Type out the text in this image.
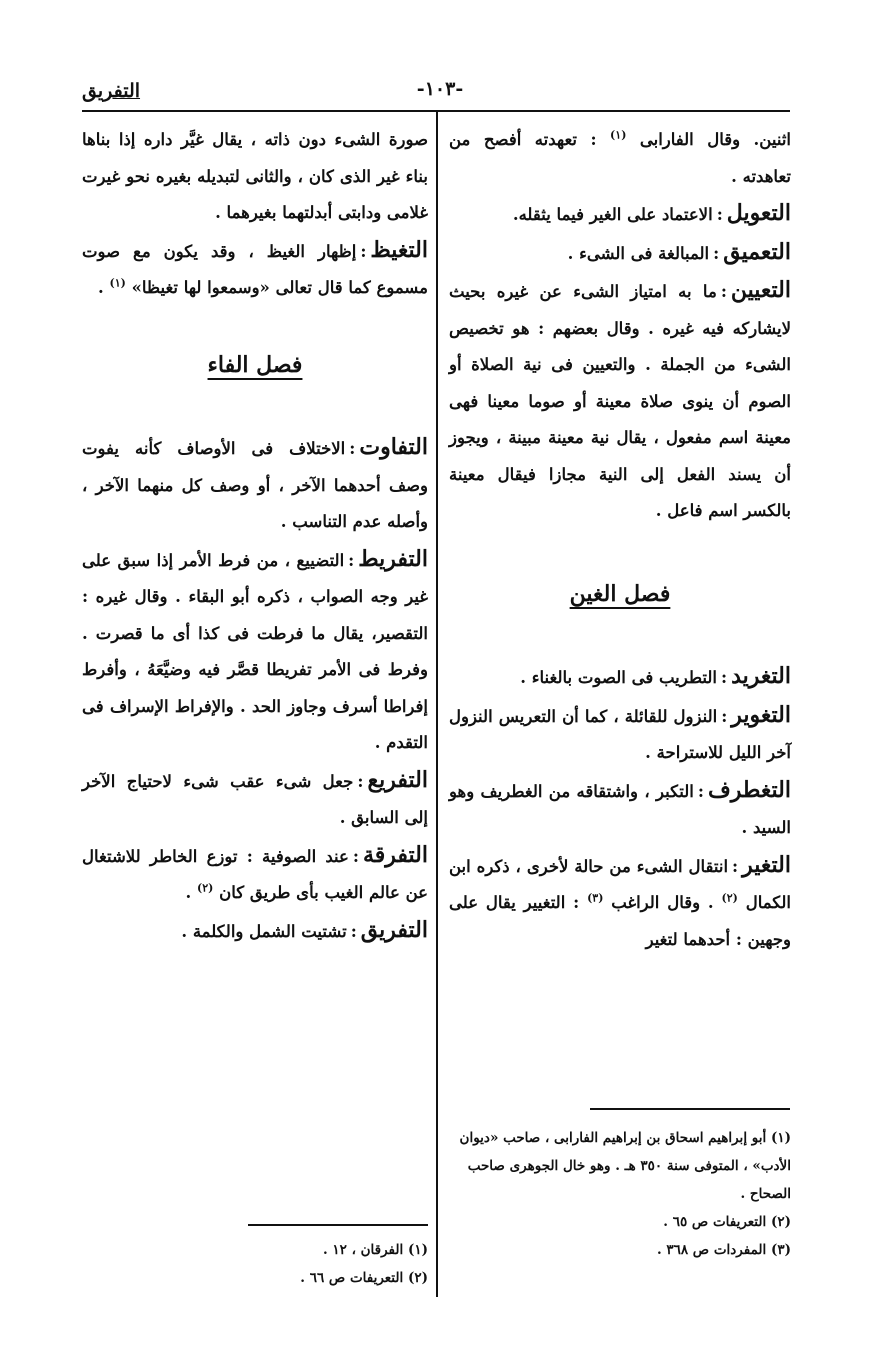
التفريق	-١٠٣-

اثنين. وقال الفارابى $^{(١)}$ : تعهدته أفصح من تعاهدته .

التعويل:الاعتماد على الغير فيما يثقله.

التعميق:المبالغة فى الشىء .

التعيين:ما به امتياز الشىء عن غيره بحيث لايشاركه فيه غيره . وقال بعضهم : هو تخصيص الشىء من الجملة . والتعيين فى نية الصلاة أو الصوم أن ينوى صلاة معينة أو صوما معينا فهى معينة اسم مفعول ، يقال نية معينة مبينة ، ويجوز أن يسند الفعل إلى النية مجازا فيقال معينة بالكسر اسم فاعل .

فصل الغين

التغريد:التطريب فى الصوت بالغناء .

التغوير:النزول للقائلة ، كما أن التعريس النزول آخر الليل للاستراحة .

التغطرف:التكبر ، واشتقاقه من الغطريف وهو السيد .

التغير:انتقال الشىء من حالة لأخرى ، ذكره ابن الكمال $^{(٢)}$ . وقال الراغب $^{(٣)}$ : التغيير يقال على وجهين : أحدهما لتغير

صورة الشىء دون ذاته ، يقال غيَّر داره إذا بناها بناء غير الذى كان ، والثانى لتبديله بغيره نحو غيرت غلامى ودابتى أبدلتهما بغيرهما .

التغيظ:إظهار الغيظ ، وقد يكون مع صوت مسموع كما قال تعالى «وسمعوا لها تغيظا» $^{(١)}$ .

فصل الفاء

التفاوت:الاختلاف فى الأوصاف كأنه يفوت وصف أحدهما الآخر ، أو وصف كل منهما الآخر ، وأصله عدم التناسب .

التفريط:التضييع ، من فرط الأمر إذا سبق على غير وجه الصواب ، ذكره أبو البقاء . وقال غيره : التقصير، يقال ما فرطت فى كذا أى ما قصرت . وفرط فى الأمر تفريطا قصَّر فيه وضيَّعَهُ ، وأفرط إفراطا أسرف وجاوز الحد . والإفراط الإسراف فى التقدم .

التفريع:جعل شىء عقب شىء لاحتياج الآخر إلى السابق .

التفرقة:عند الصوفية : توزع الخاطر للاشتغال عن عالم الغيب بأى طريق كان $^{(٢)}$ .

التفريق:تشتيت الشمل والكلمة .

(١) أبو إبراهيم اسحاق بن إبراهيم الفارابى ، صاحب «ديوان الأدب» ، المتوفى سنة ٣٥٠ هـ . وهو خال الجوهرى صاحب الصحاح .

(٢) التعريفات ص ٦٥ .

(٣) المفردات ص ٣٦٨ .

(١) الفرقان ، ١٢ .

(٢) التعريفات ص ٦٦ .
